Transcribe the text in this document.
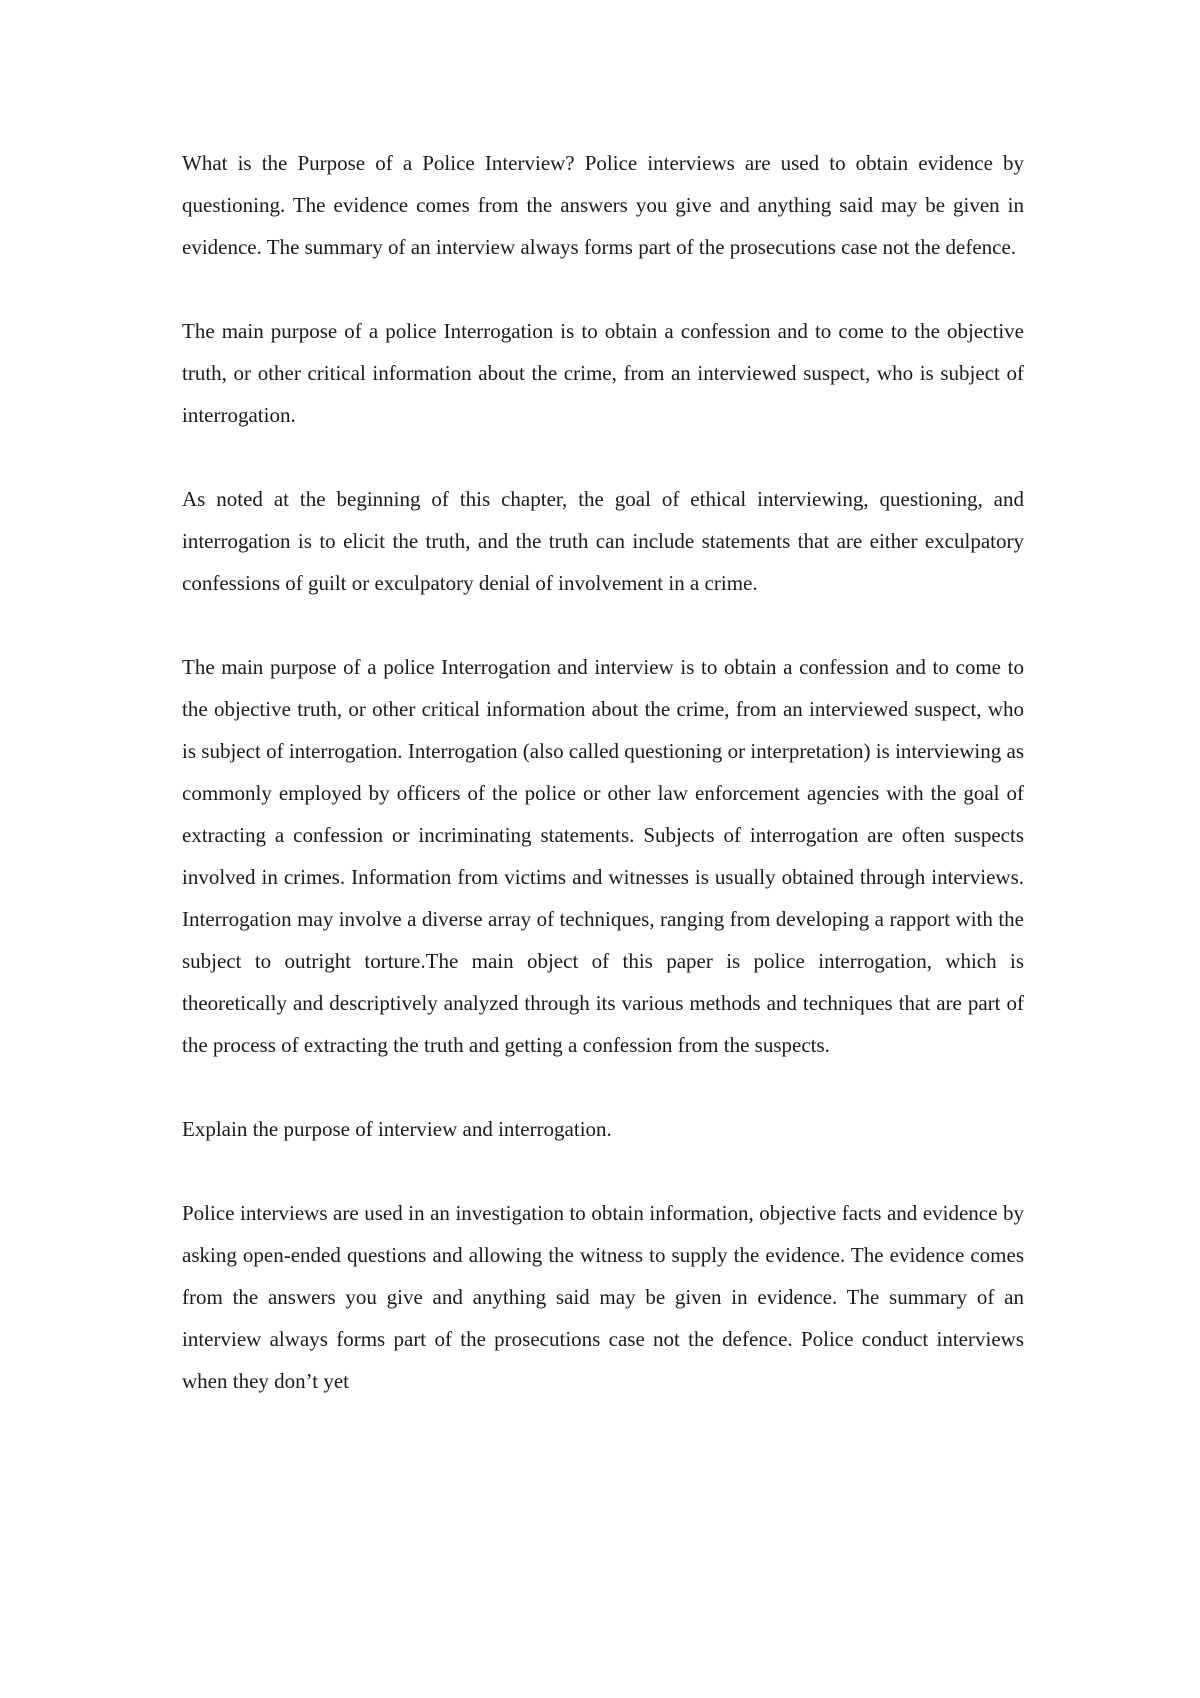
What is the Purpose of a Police Interview? Police interviews are used to obtain evidence by questioning. The evidence comes from the answers you give and anything said may be given in evidence. The summary of an interview always forms part of the prosecutions case not the defence.

The main purpose of a police Interrogation is to obtain a confession and to come to the objective truth, or other critical information about the crime, from an interviewed suspect, who is subject of interrogation.

As noted at the beginning of this chapter, the goal of ethical interviewing, questioning, and interrogation is to elicit the truth, and the truth can include statements that are either exculpatory confessions of guilt or exculpatory denial of involvement in a crime.

The main purpose of a police Interrogation and interview is to obtain a confession and to come to the objective truth, or other critical information about the crime, from an interviewed suspect, who is subject of interrogation. Interrogation (also called questioning or interpretation) is interviewing as commonly employed by officers of the police or other law enforcement agencies with the goal of extracting a confession or incriminating statements. Subjects of interrogation are often suspects involved in crimes. Information from victims and witnesses is usually obtained through interviews. Interrogation may involve a diverse array of techniques, ranging from developing a rapport with the subject to outright torture.The main object of this paper is police interrogation, which is theoretically and descriptively analyzed through its various methods and techniques that are part of the process of extracting the truth and getting a confession from the suspects.

Explain the purpose of interview and interrogation.

Police interviews are used in an investigation to obtain information, objective facts and evidence by asking open-ended questions and allowing the witness to supply the evidence. The evidence comes from the answers you give and anything said may be given in evidence. The summary of an interview always forms part of the prosecutions case not the defence. Police conduct interviews when they don’t yet
